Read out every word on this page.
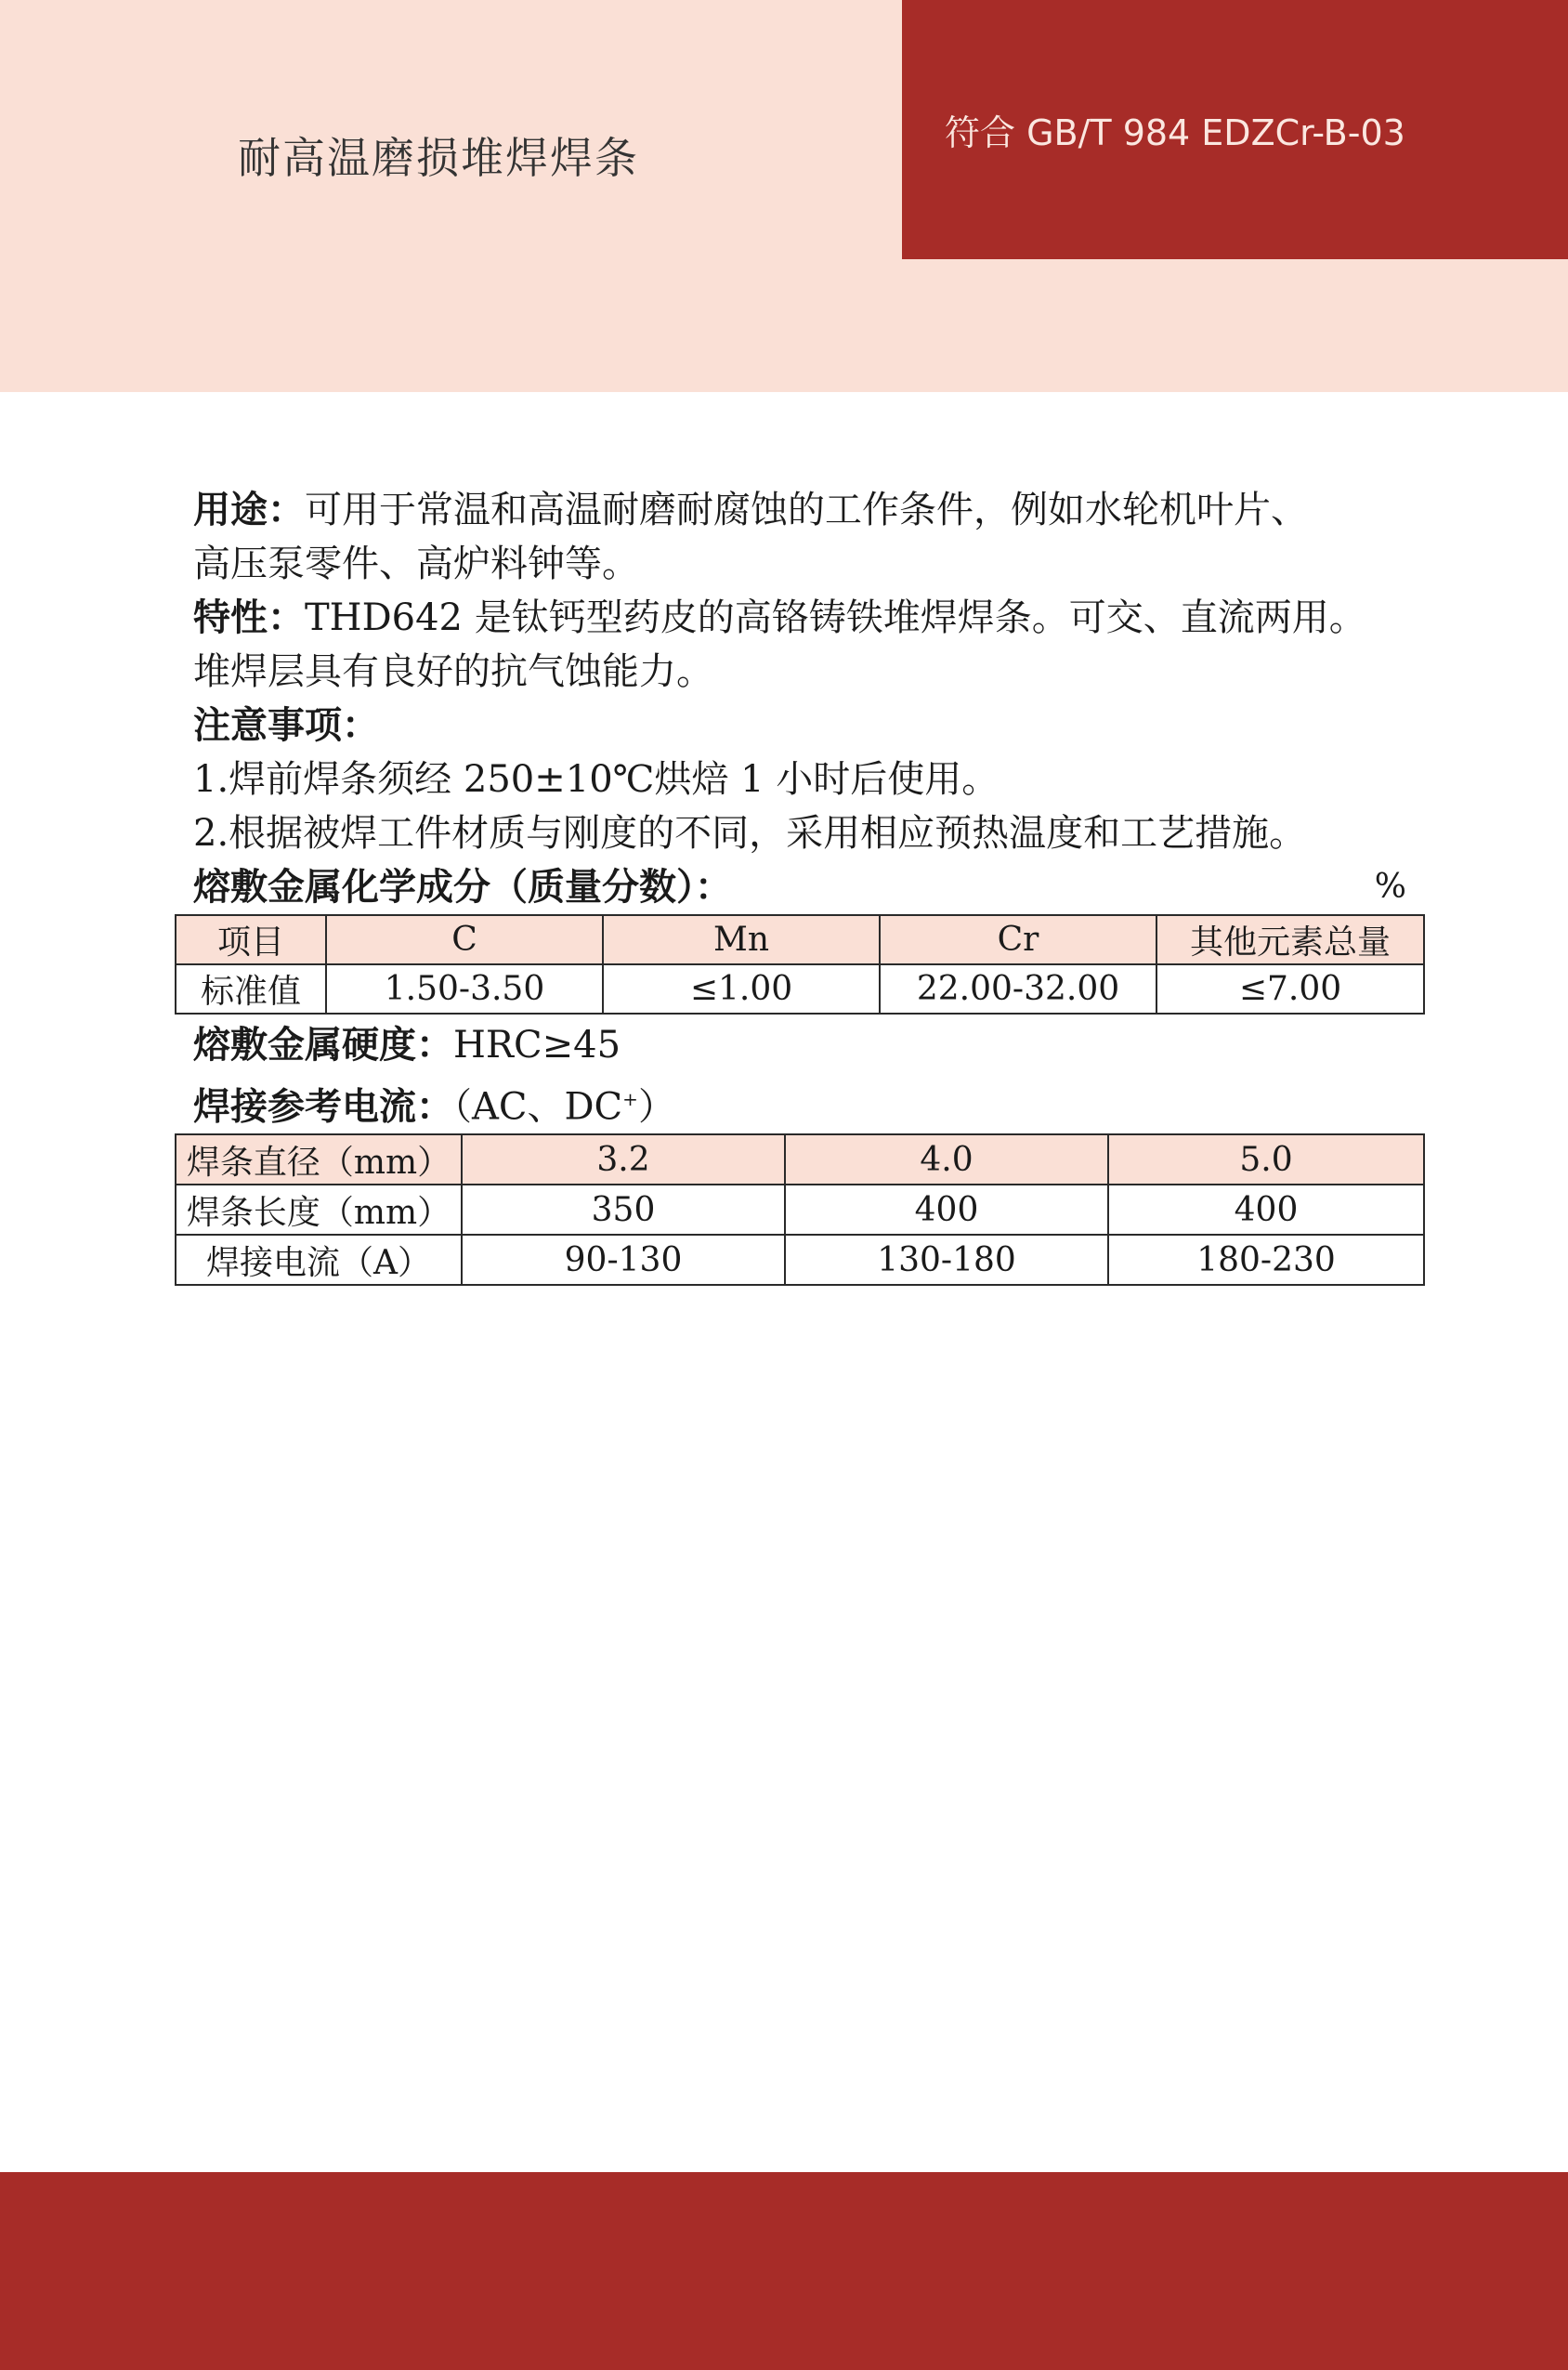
耐高温磨损堆焊焊条	符合 GB/T 984 EDZCr-B-03
用途：可用于常温和高温耐磨耐腐蚀的工作条件，例如水轮机叶片、
高压泵零件、高炉料钟等。
特性：THD642 是钛钙型药皮的高铬铸铁堆焊焊条。可交、直流两用。
堆焊层具有良好的抗气蚀能力。
注意事项：
1.焊前焊条须经 250±10℃烘焙 1 小时后使用。
2.根据被焊工件材质与刚度的不同，采用相应预热温度和工艺措施。
熔敷金属化学成分（质量分数）：	%
项目	C	Mn	Cr	其他元素总量
标准值	1.50-3.50	≤1.00	22.00-32.00	≤7.00
熔敷金属硬度：HRC≥45
焊接参考电流：（AC、DC+）
焊条直径（mm）	3.2	4.0	5.0
焊条长度（mm）	350	400	400
焊接电流（A）	90-130	130-180	180-230
